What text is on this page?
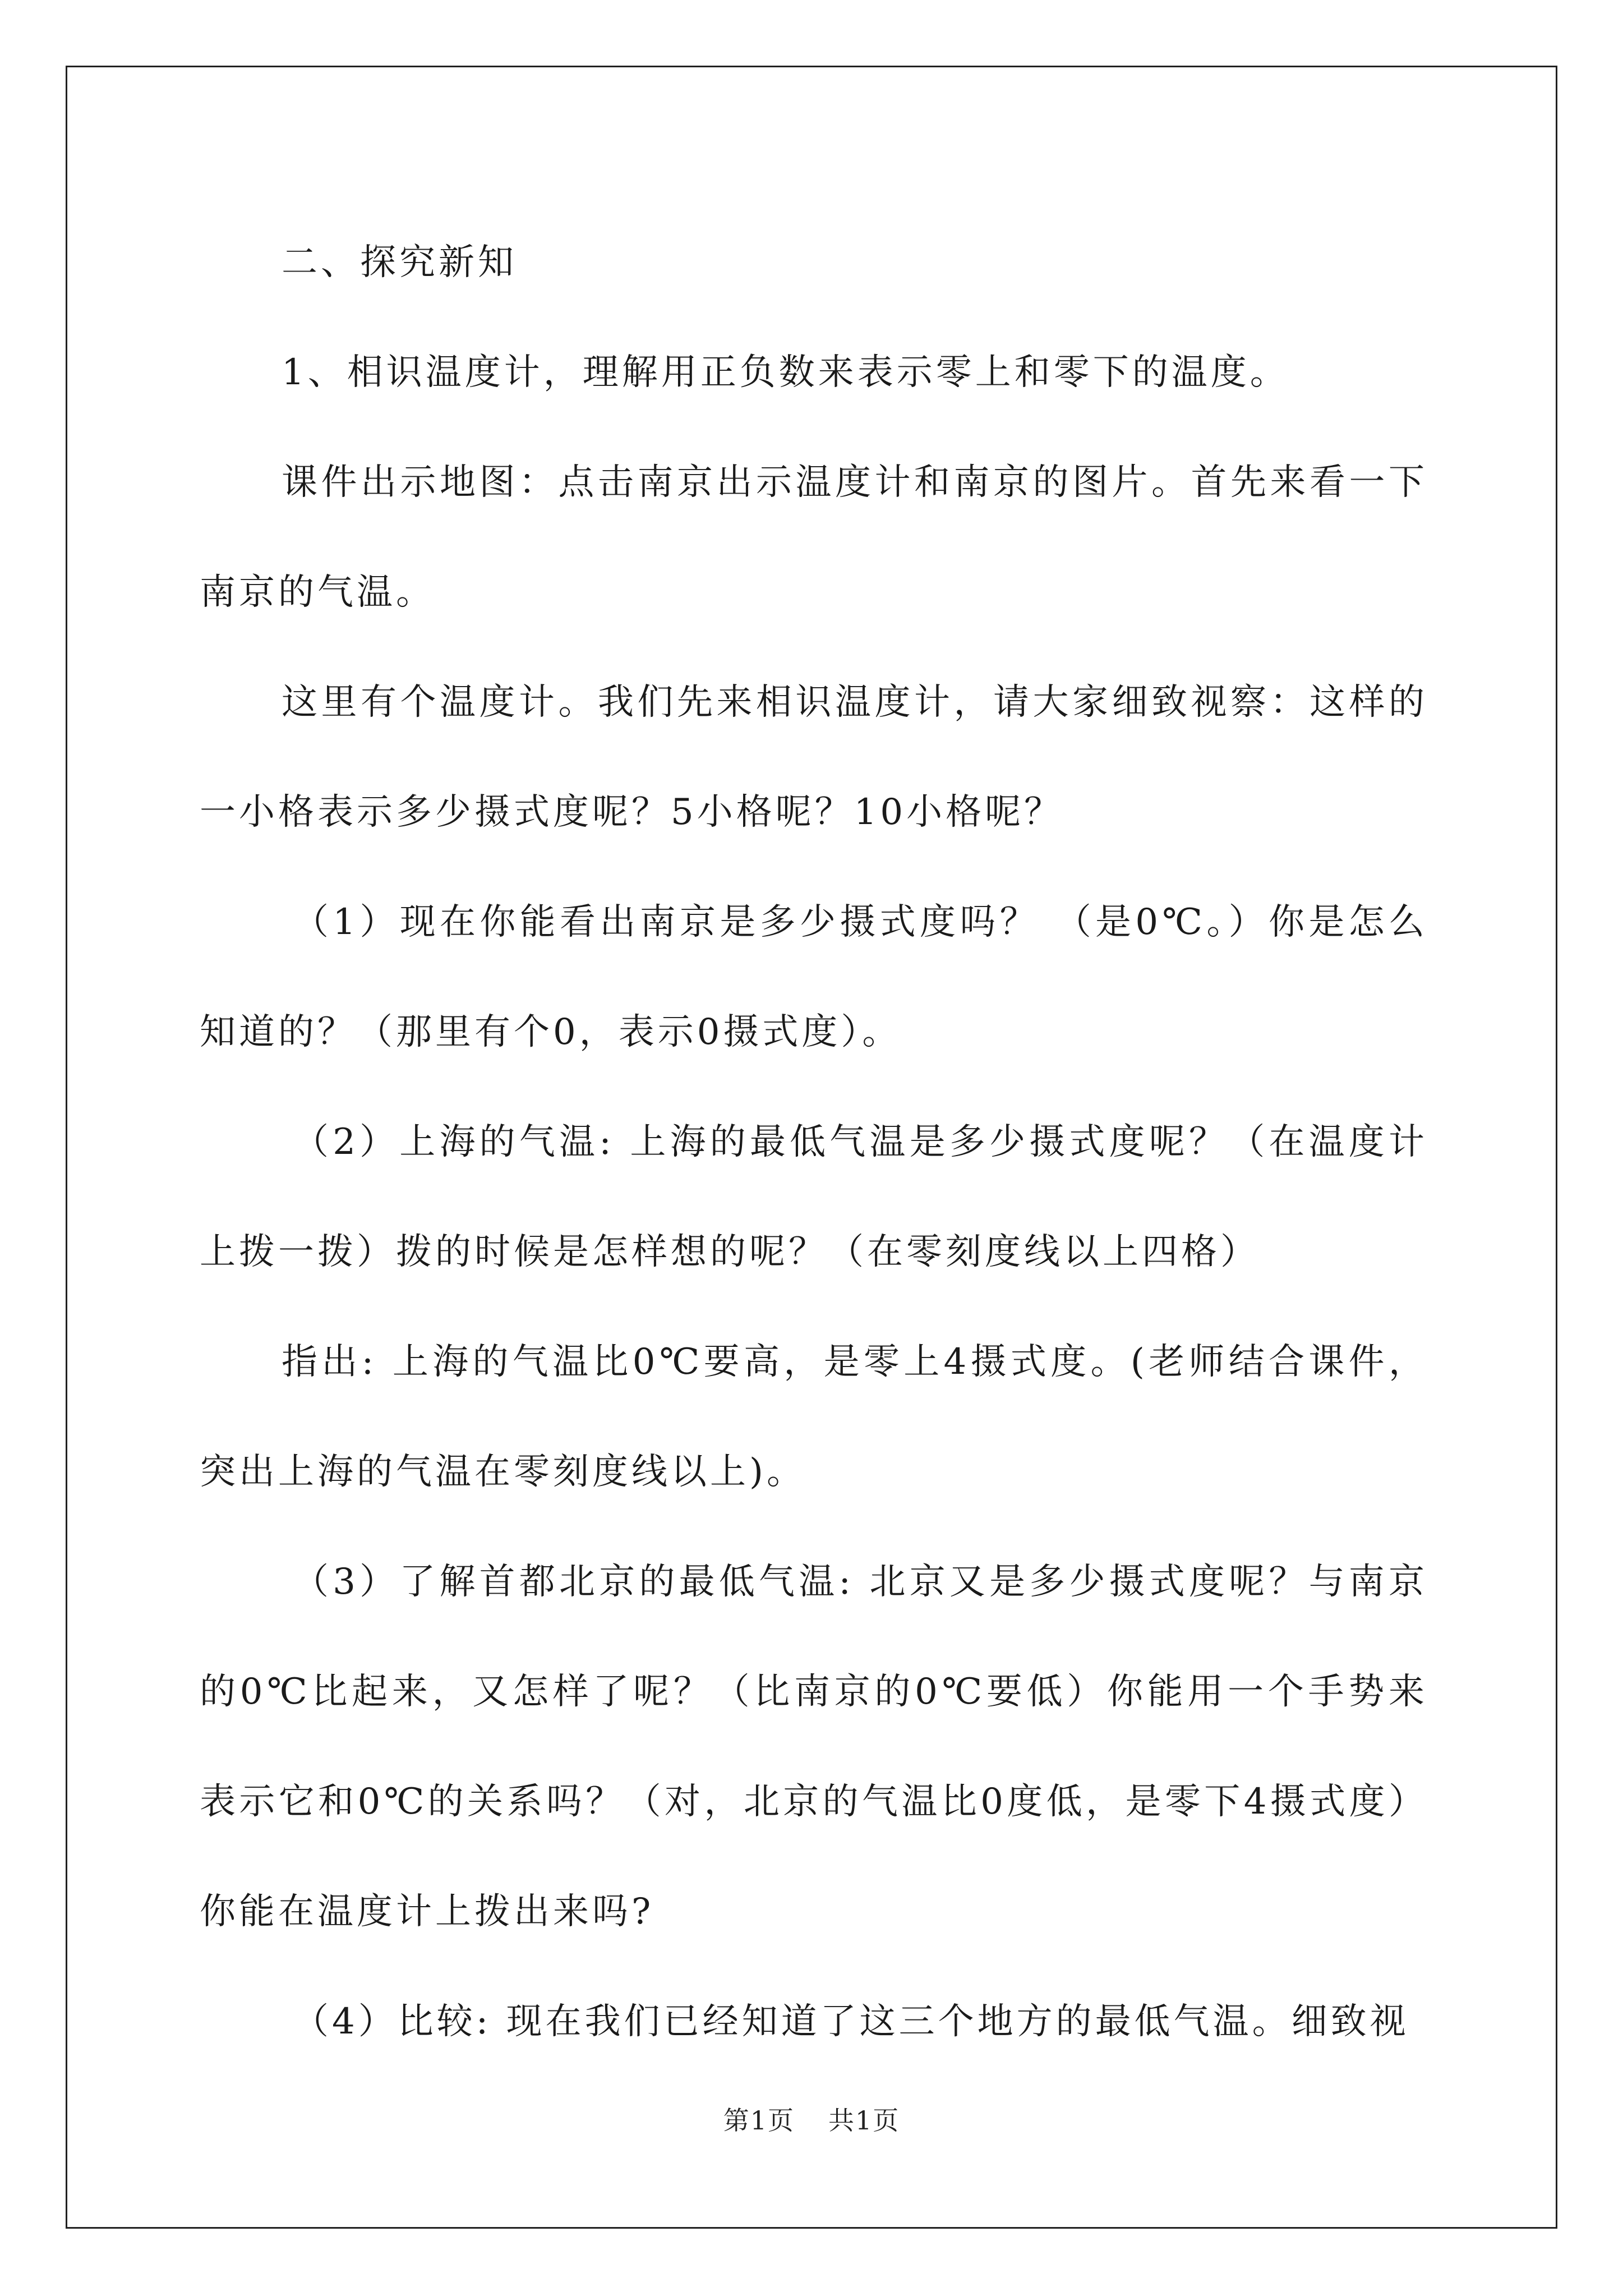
二、探究新知

1、相识温度计，理解用正负数来表示零上和零下的温度。

课件出示地图：点击南京出示温度计和南京的图片。首先来看一下南京的气温。

这里有个温度计。我们先来相识温度计，请大家细致视察：这样的一小格表示多少摄式度呢？5小格呢？10小格呢？

（1）现在你能看出南京是多少摄式度吗？ （是0℃。）你是怎么知道的？（那里有个0，表示0摄式度）。

（2）上海的气温: 上海的最低气温是多少摄式度呢？（在温度计上拨一拨）拨的时候是怎样想的呢？（在零刻度线以上四格）

指出: 上海的气温比0℃要高，是零上4摄式度。(老师结合课件，突出上海的气温在零刻度线以上)。

（3）了解首都北京的最低气温: 北京又是多少摄式度呢？与南京的0℃比起来，又怎样了呢？（比南京的0℃要低）你能用一个手势来表示它和0℃的关系吗？（对，北京的气温比0度低，是零下4摄式度）你能在温度计上拨出来吗?

（4）比较: 现在我们已经知道了这三个地方的最低气温。细致视

第1页 共1页
